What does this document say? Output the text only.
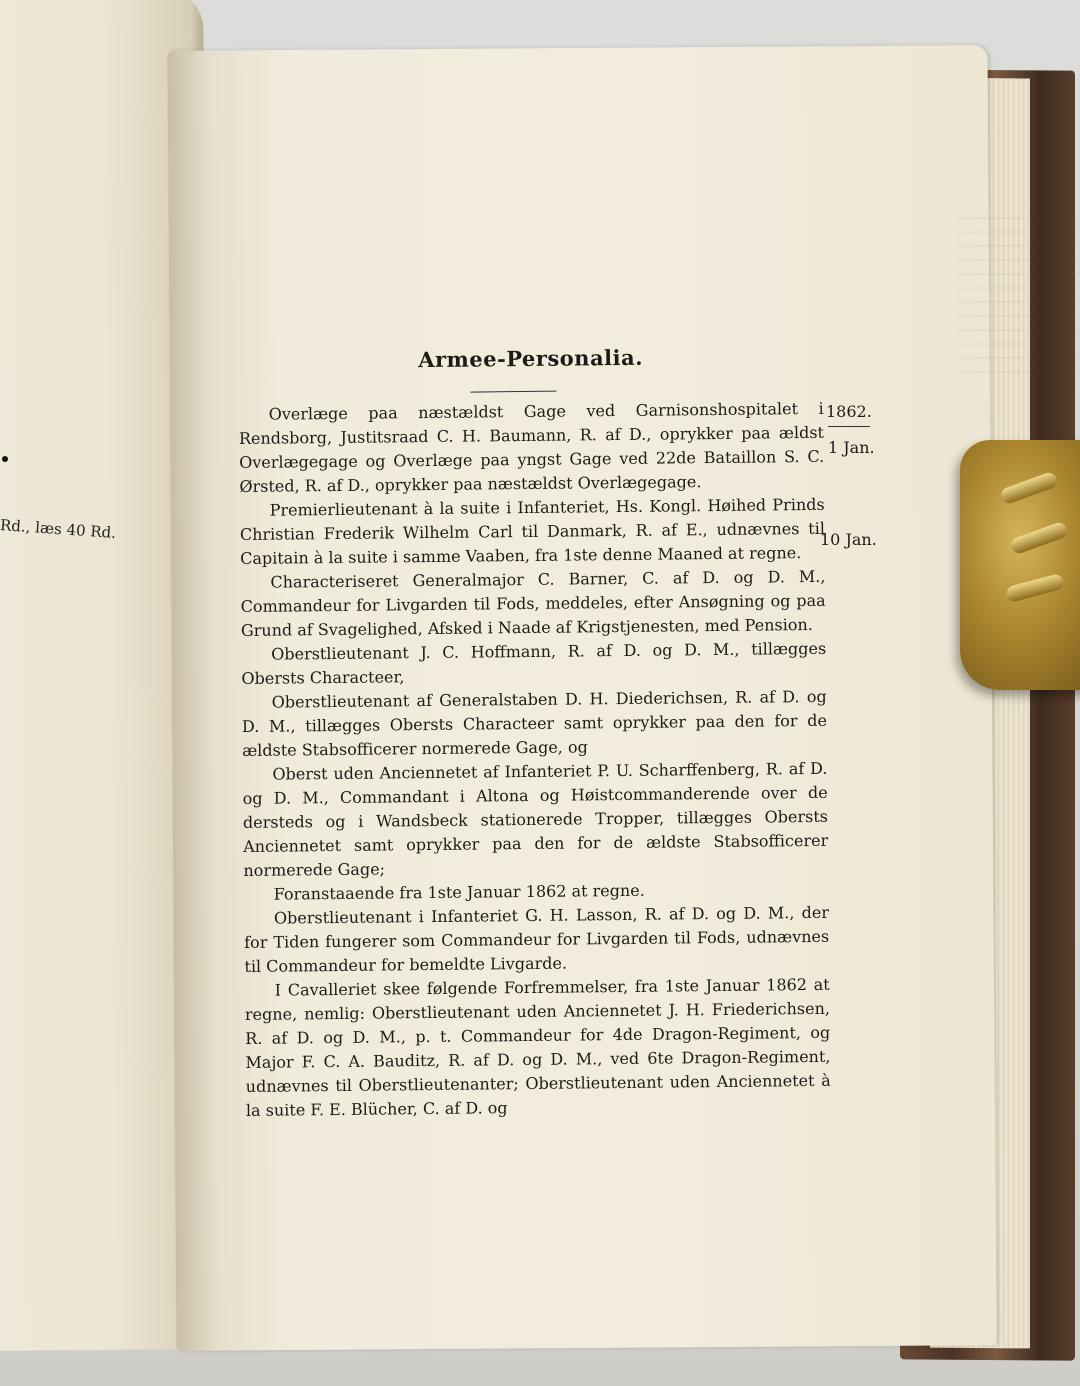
Rd., læs 40 Rd.
Armee-Personalia.

Overlæge paa næstældst Gage ved Garnisonshospitalet i Rendsborg, Justitsraad C. H. Baumann, R. af D., oprykker paa ældst Overlægegage og Overlæge paa yngst Gage ved 22de Bataillon S. C. Ørsted, R. af D., oprykker paa næstældst Overlægegage.

Premierlieutenant à la suite i Infanteriet, Hs. Kongl. Høihed Prinds Christian Frederik Wilhelm Carl til Danmark, R. af E., udnævnes til Capitain à la suite i samme Vaaben, fra 1ste denne Maaned at regne.

Characteriseret Generalmajor C. Barner, C. af D. og D. M., Commandeur for Livgarden til Fods, meddeles, efter Ansøgning og paa Grund af Svagelighed, Afsked i Naade af Krigstjenesten, med Pension.

Oberstlieutenant J. C. Hoffmann, R. af D. og D. M., tillægges Obersts Characteer,

Oberstlieutenant af Generalstaben D. H. Diederichsen, R. af D. og D. M., tillægges Obersts Characteer samt oprykker paa den for de ældste Stabsofficerer normerede Gage, og

Oberst uden Anciennetet af Infanteriet P. U. Scharffenberg, R. af D. og D. M., Commandant i Altona og Høistcommanderende over de dersteds og i Wandsbeck stationerede Tropper, tillægges Obersts Anciennetet samt oprykker paa den for de ældste Stabsofficerer normerede Gage;

Foranstaaende fra 1ste Januar 1862 at regne.

Oberstlieutenant i Infanteriet G. H. Lasson, R. af D. og D. M., der for Tiden fungerer som Commandeur for Livgarden til Fods, udnævnes til Commandeur for bemeldte Livgarde.

I Cavalleriet skee følgende Forfremmelser, fra 1ste Januar 1862 at regne, nemlig: Oberstlieutenant uden Anciennetet J. H. Friederichsen, R. af D. og D. M., p. t. Commandeur for 4de Dragon-Regiment, og Major F. C. A. Bauditz, R. af D. og D. M., ved 6te Dragon-Regiment, udnævnes til Oberstlieutenanter; Oberstlieutenant uden Anciennetet à la suite F. E. Blücher, C. af D. og

1862.
1 Jan.
10 Jan.
